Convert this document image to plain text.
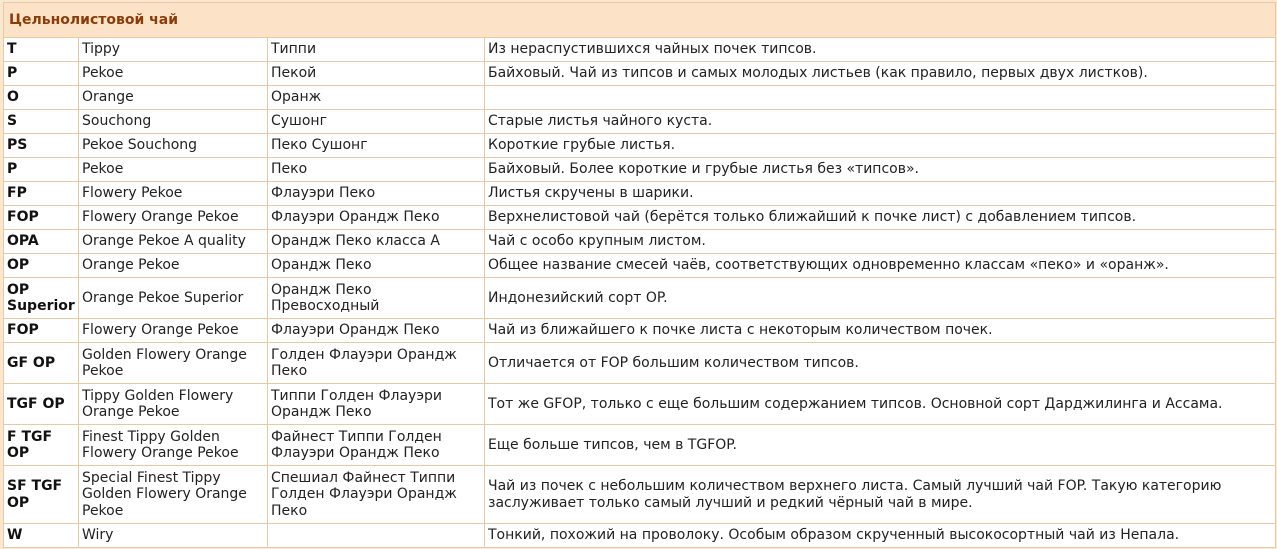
Цельнолистовой чай			
T	Tippy	Типпи	Из нераспустившихся чайных почек типсов.
P	Pekoe	Пекой	Байховый. Чай из типсов и самых молодых листьев (как правило, первых двух листков).
O	Orange	Оранж	
S	Souchong	Сушонг	Старые листья чайного куста.
PS	Pekoe Souchong	Пеко Сушонг	Короткие грубые листья.
P	Pekoe	Пеко	Байховый. Более короткие и грубые листья без «типсов».
FP	Flowery Pekoe	Флауэри Пеко	Листья скручены в шарики.
FOP	Flowery Orange Pekoe	Флауэри Орандж Пеко	Верхнелистовой чай (берётся только ближайший к почке лист) с добавлением типсов.
OPA	Orange Pekoe A quality	Орандж Пеко класса А	Чай с особо крупным листом.
OP	Orange Pekoe	Орандж Пеко	Общее название смесей чаёв, соответствующих одновременно классам «пеко» и «оранж».
OP Superior	Orange Pekoe Superior	Орандж Пеко Превосходный	Индонезийский сорт OP.
FOP	Flowery Orange Pekoe	Флауэри Орандж Пеко	Чай из ближайшего к почке листа с некоторым количеством почек.
GF OP	Golden Flowery Orange Pekoe	Голден Флауэри Орандж Пеко	Отличается от FOP большим количеством типсов.
TGF OP	Tippy Golden Flowery Orange Pekoe	Типпи Голден Флауэри Орандж Пеко	Тот же GFOP, только с еще большим содержанием типсов. Основной сорт Дарджилинга и Ассама.
F TGF OP	Finest Tippy Golden Flowery Orange Pekoe	Файнест Типпи Голден Флауэри Орандж Пеко	Еще больше типсов, чем в TGFOP.
SF TGF OP	Special Finest Tippy Golden Flowery Orange Pekoe	Спешиал Файнест Типпи Голден Флауэри Орандж Пеко	Чай из почек с небольшим количеством верхнего листа. Самый лучший чай FOP. Такую категорию заслуживает только самый лучший и редкий чёрный чай в мире.
W	Wiry		Тонкий, похожий на проволоку. Особым образом скрученный высокосортный чай из Непала.
